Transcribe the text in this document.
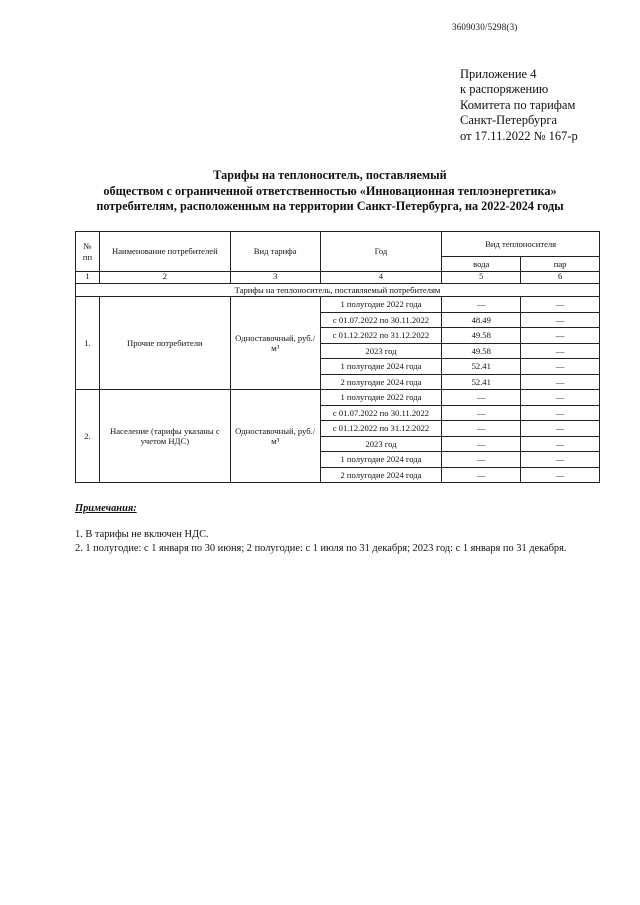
3609030/5298(3)
Приложение 4
к распоряжению
Комитета по тарифам
Санкт-Петербурга
от 17.11.2022 № 167-р
Тарифы на теплоноситель, поставляемый
обществом с ограниченной ответственностью «Инновационная теплоэнергетика»
потребителям, расположенным на территории Санкт-Петербурга, на 2022-2024 годы
№ пп	Наименование потребителей	Вид тарифа	Год	Вид теплоносителя	
				вода	пар
1	2	3	4	5	6
Тарифы на теплоноситель, поставляемый потребителям					
1.	Прочие потребители	Одноставочный, руб./м³	1 полугодие 2022 года	—	—
			с 01.07.2022 по 30.11.2022	48.49	—
			с 01.12.2022 по 31.12.2022	49.58	—
			2023 год	49.58	—
			1 полугодие 2024 года	52.41	—
			2 полугодие 2024 года	52.41	—
2.	Население (тарифы указаны с учетом НДС)	Одноставочный, руб./м³	1 полугодие 2022 года	—	—
			с 01.07.2022 по 30.11.2022	—	—
			с 01.12.2022 по 31.12.2022	—	—
			2023 год	—	—
			1 полугодие 2024 года	—	—
			2 полугодие 2024 года	—	—
Примечания:
1. В тарифы не включен НДС.
2. 1 полугодие: с 1 января по 30 июня; 2 полугодие: с 1 июля по 31 декабря; 2023 год: с 1 января по 31 декабря.
